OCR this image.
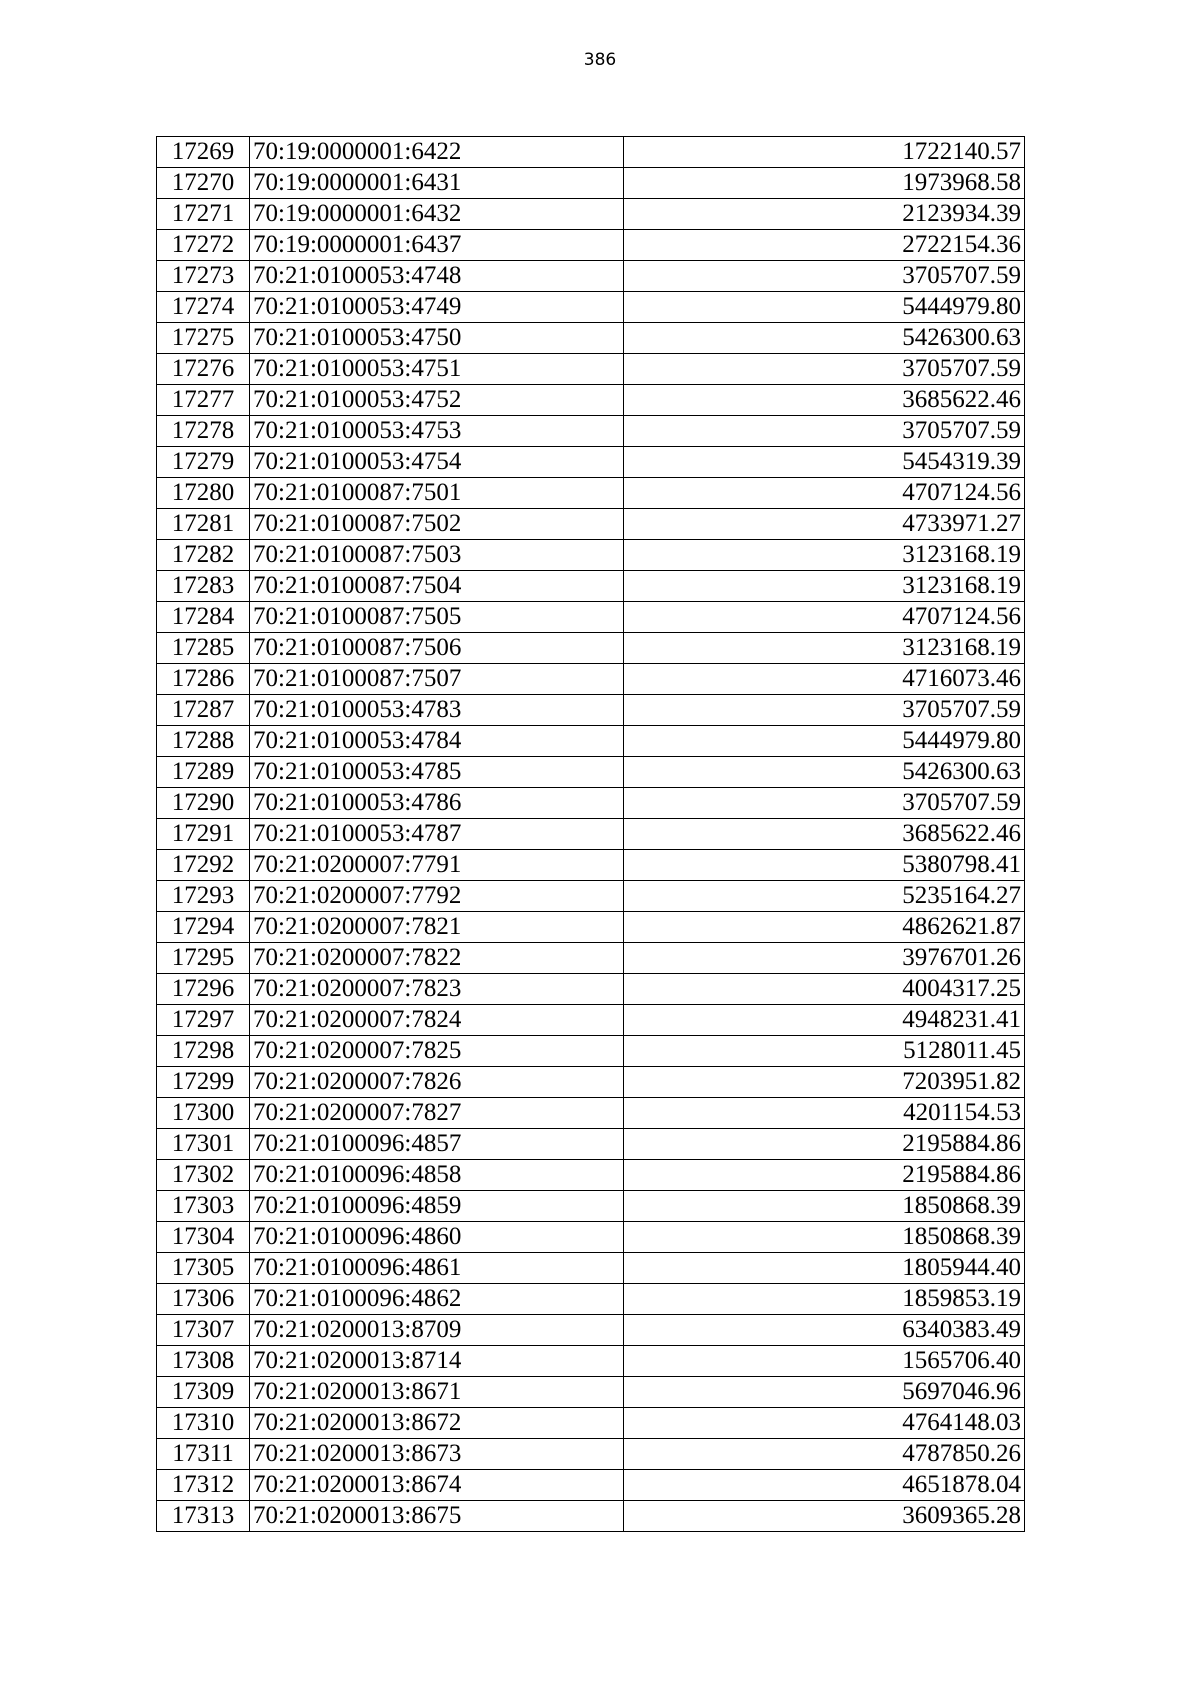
386
17269	70:19:0000001:6422	1722140.57
17270	70:19:0000001:6431	1973968.58
17271	70:19:0000001:6432	2123934.39
17272	70:19:0000001:6437	2722154.36
17273	70:21:0100053:4748	3705707.59
17274	70:21:0100053:4749	5444979.80
17275	70:21:0100053:4750	5426300.63
17276	70:21:0100053:4751	3705707.59
17277	70:21:0100053:4752	3685622.46
17278	70:21:0100053:4753	3705707.59
17279	70:21:0100053:4754	5454319.39
17280	70:21:0100087:7501	4707124.56
17281	70:21:0100087:7502	4733971.27
17282	70:21:0100087:7503	3123168.19
17283	70:21:0100087:7504	3123168.19
17284	70:21:0100087:7505	4707124.56
17285	70:21:0100087:7506	3123168.19
17286	70:21:0100087:7507	4716073.46
17287	70:21:0100053:4783	3705707.59
17288	70:21:0100053:4784	5444979.80
17289	70:21:0100053:4785	5426300.63
17290	70:21:0100053:4786	3705707.59
17291	70:21:0100053:4787	3685622.46
17292	70:21:0200007:7791	5380798.41
17293	70:21:0200007:7792	5235164.27
17294	70:21:0200007:7821	4862621.87
17295	70:21:0200007:7822	3976701.26
17296	70:21:0200007:7823	4004317.25
17297	70:21:0200007:7824	4948231.41
17298	70:21:0200007:7825	5128011.45
17299	70:21:0200007:7826	7203951.82
17300	70:21:0200007:7827	4201154.53
17301	70:21:0100096:4857	2195884.86
17302	70:21:0100096:4858	2195884.86
17303	70:21:0100096:4859	1850868.39
17304	70:21:0100096:4860	1850868.39
17305	70:21:0100096:4861	1805944.40
17306	70:21:0100096:4862	1859853.19
17307	70:21:0200013:8709	6340383.49
17308	70:21:0200013:8714	1565706.40
17309	70:21:0200013:8671	5697046.96
17310	70:21:0200013:8672	4764148.03
17311	70:21:0200013:8673	4787850.26
17312	70:21:0200013:8674	4651878.04
17313	70:21:0200013:8675	3609365.28
